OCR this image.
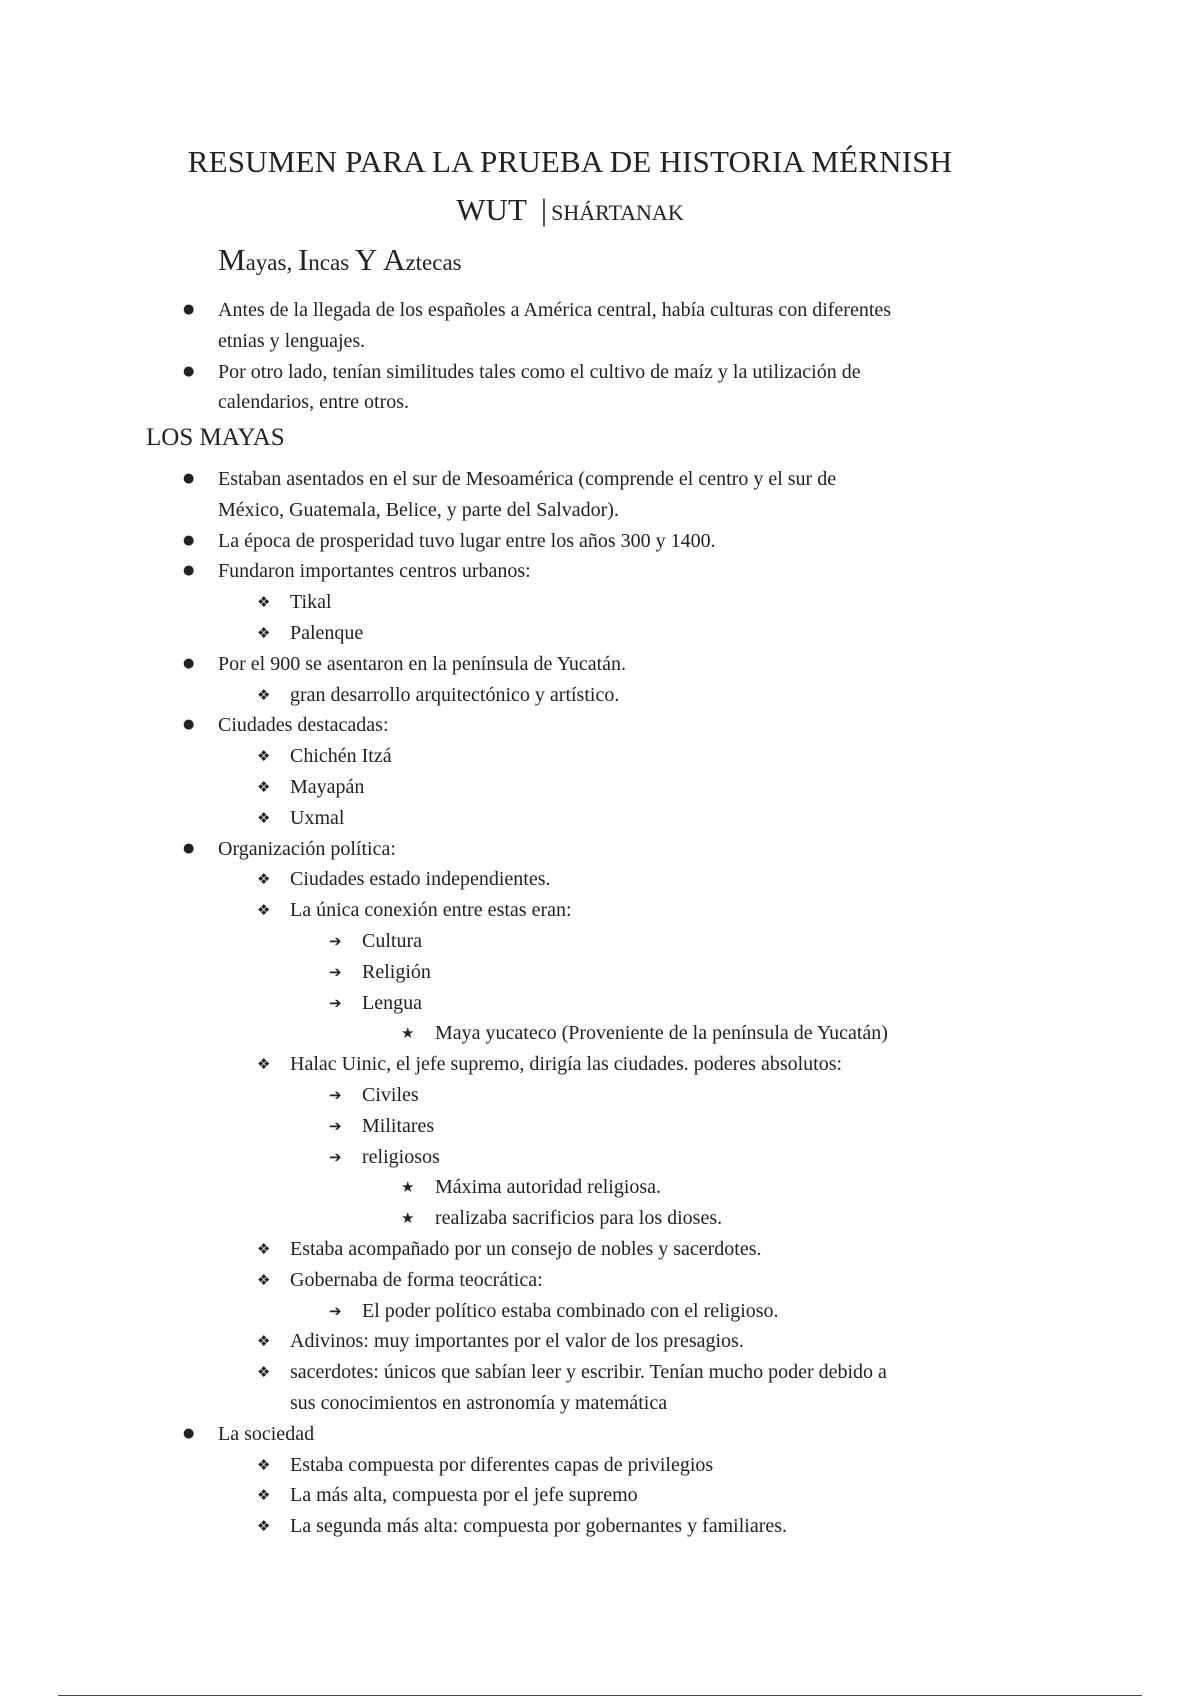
RESUMEN PARA LA PRUEBA DE HISTORIA MÉRNISH
WUT | SHÁRTANAK
Mayas, Incas Y Aztecas
● Antes de la llegada de los españoles a América central, había culturas con diferentes
etnias y lenguajes.
● Por otro lado, tenían similitudes tales como el cultivo de maíz y la utilización de
calendarios, entre otros.
LOS MAYAS
● Estaban asentados en el sur de Mesoamérica (comprende el centro y el sur de
México, Guatemala, Belice, y parte del Salvador).
● La época de prosperidad tuvo lugar entre los años 300 y 1400.
● Fundaron importantes centros urbanos:
❖ Tikal
❖ Palenque
● Por el 900 se asentaron en la península de Yucatán.
❖ gran desarrollo arquitectónico y artístico.
● Ciudades destacadas:
❖ Chichén Itzá
❖ Mayapán
❖ Uxmal
● Organización política:
❖ Ciudades estado independientes.
❖ La única conexión entre estas eran:
➔ Cultura
➔ Religión
➔ Lengua
★ Maya yucateco (Proveniente de la península de Yucatán)
❖ Halac Uinic, el jefe supremo, dirigía las ciudades. poderes absolutos:
➔ Civiles
➔ Militares
➔ religiosos
★ Máxima autoridad religiosa.
★ realizaba sacrificios para los dioses.
❖ Estaba acompañado por un consejo de nobles y sacerdotes.
❖ Gobernaba de forma teocrática:
➔ El poder político estaba combinado con el religioso.
❖ Adivinos: muy importantes por el valor de los presagios.
❖ sacerdotes: únicos que sabían leer y escribir. Tenían mucho poder debido a
sus conocimientos en astronomía y matemática
● La sociedad
❖ Estaba compuesta por diferentes capas de privilegios
❖ La más alta, compuesta por el jefe supremo
❖ La segunda más alta: compuesta por gobernantes y familiares.
